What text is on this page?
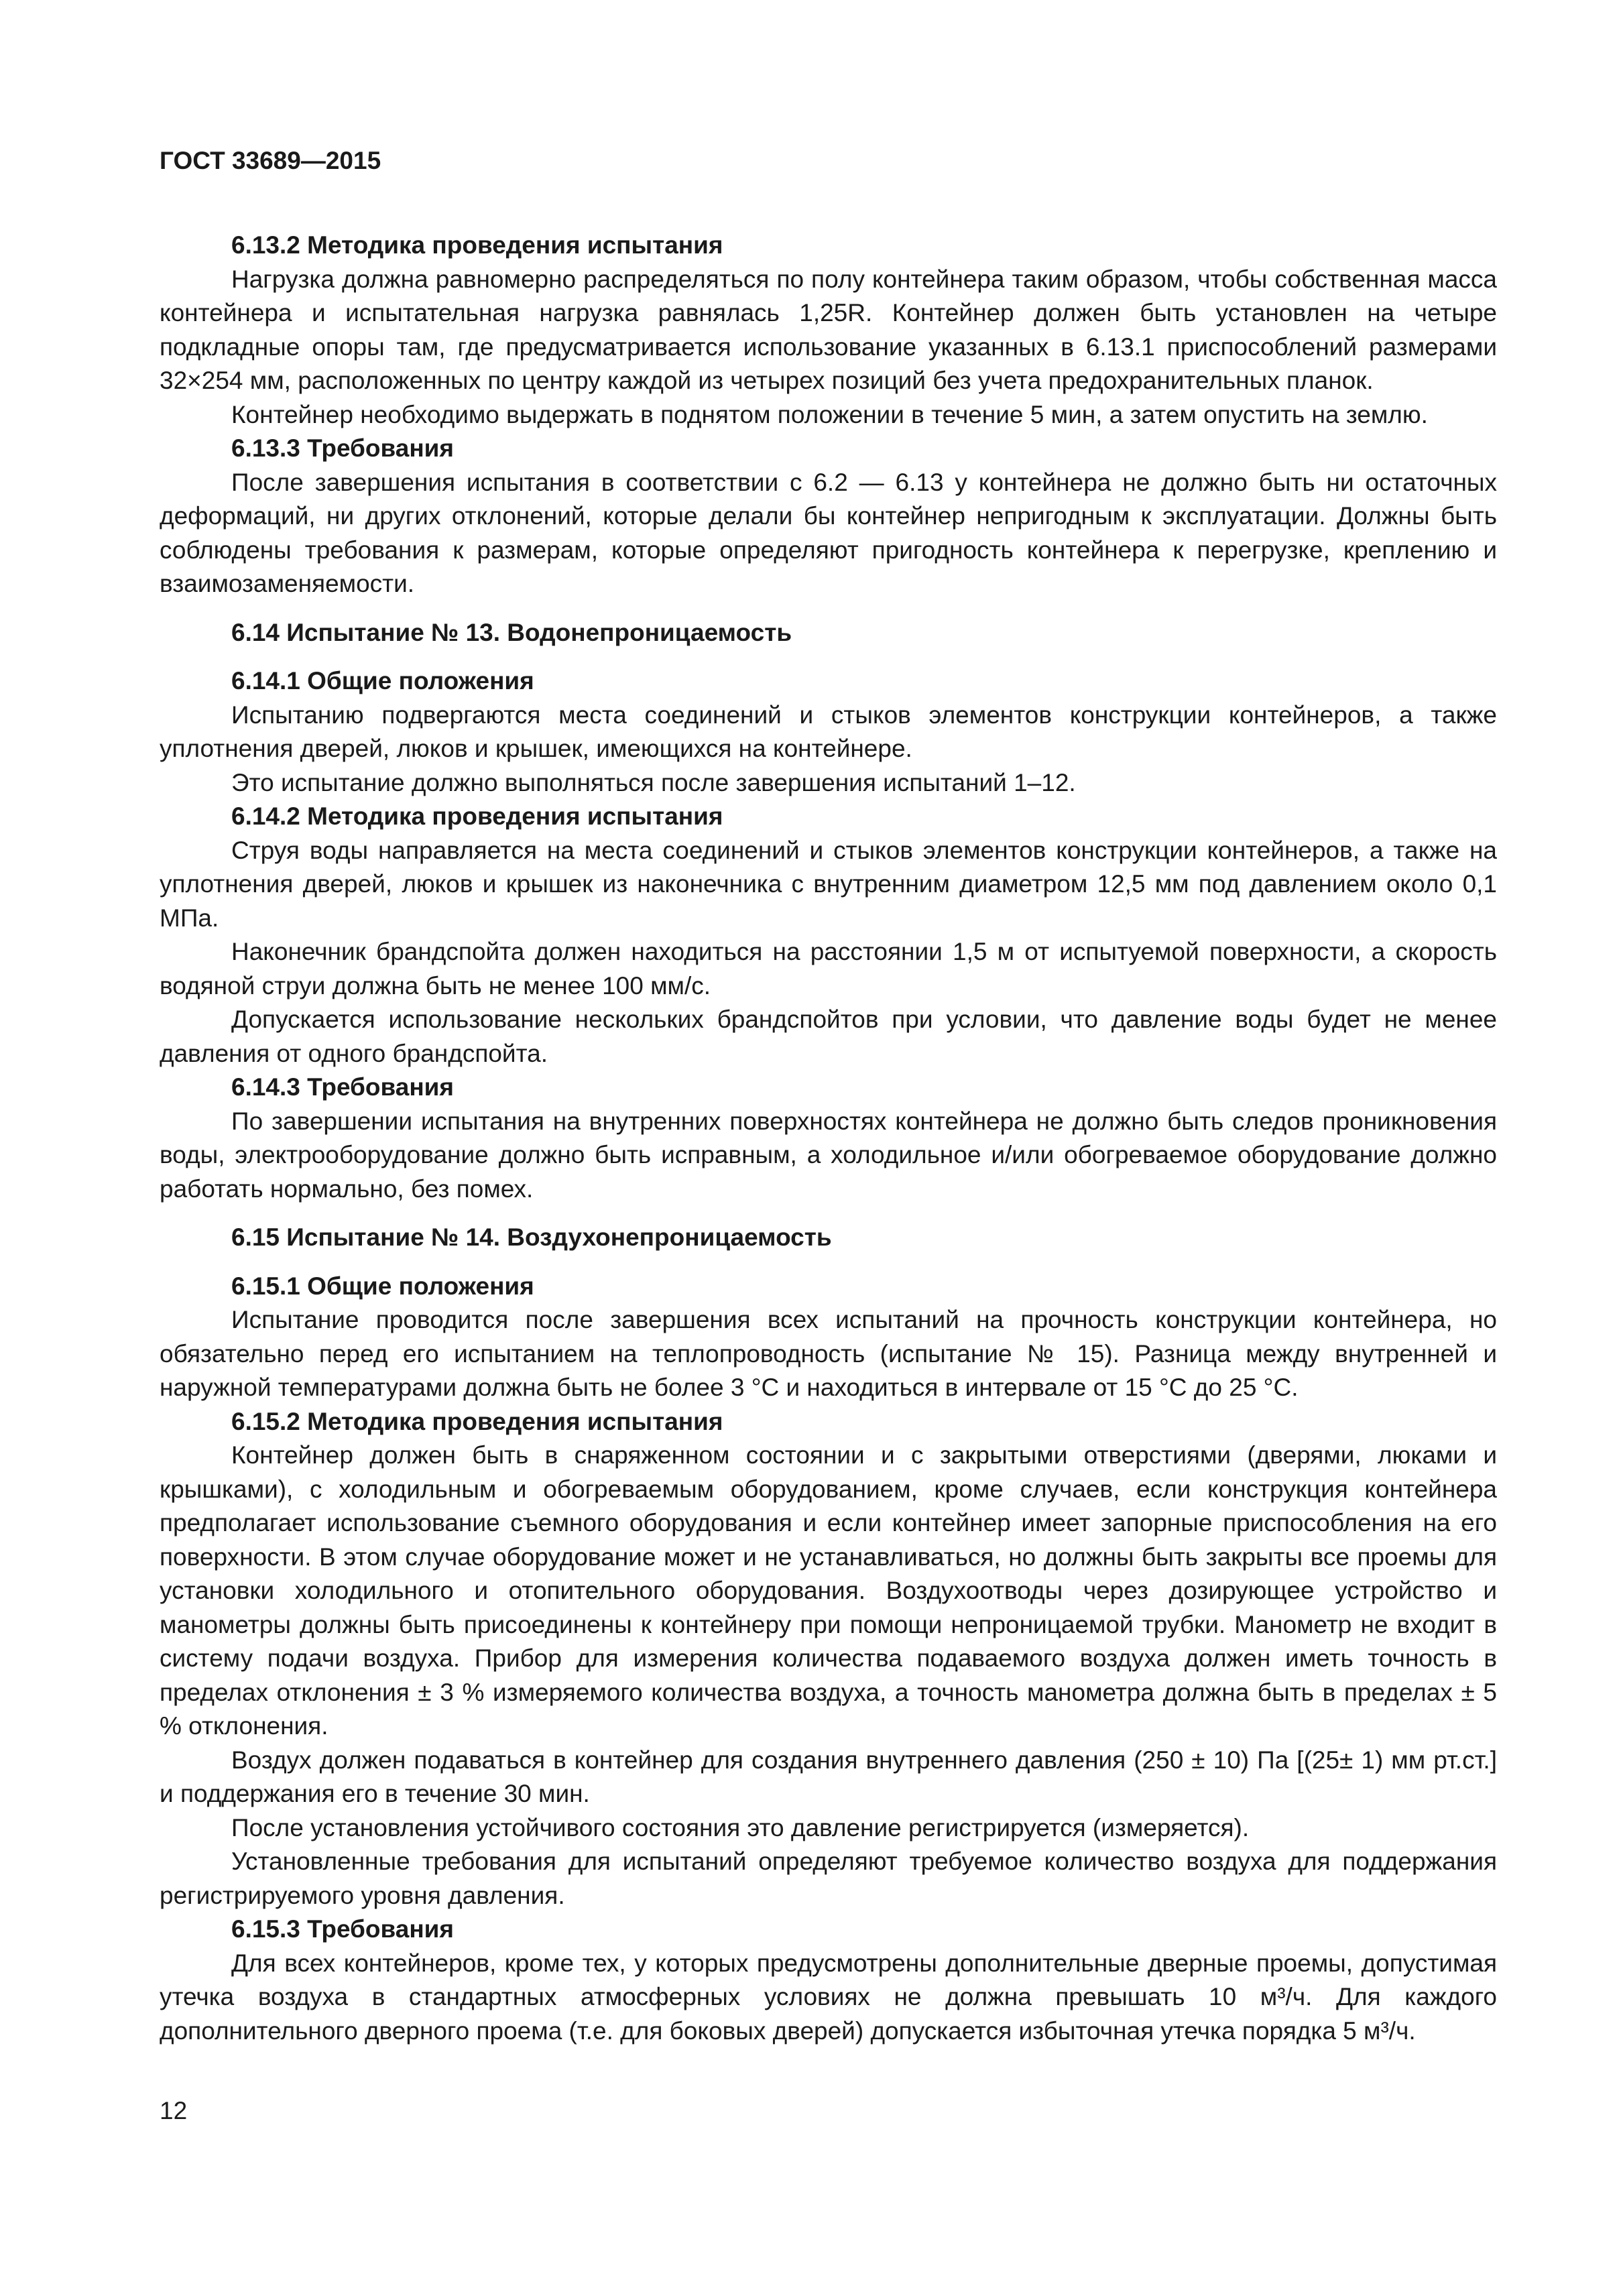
ГОСТ 33689—2015

6.13.2 Методика проведения испытания

Нагрузка должна равномерно распределяться по полу контейнера таким образом, чтобы собственная масса контейнера и испытательная нагрузка равнялась 1,25R. Контейнер должен быть установлен на четыре подкладные опоры там, где предусматривается использование указанных в 6.13.1 приспособлений размерами 32×254 мм, расположенных по центру каждой из четырех позиций без учета предохранительных планок.

Контейнер необходимо выдержать в поднятом положении в течение 5 мин, а затем опустить на землю.

6.13.3 Требования

После завершения испытания в соответствии с 6.2 — 6.13 у контейнера не должно быть ни остаточных деформаций, ни других отклонений, которые делали бы контейнер непригодным к эксплуатации. Должны быть соблюдены требования к размерам, которые определяют пригодность контейнера к перегрузке, креплению и взаимозаменяемости.

6.14 Испытание № 13. Водонепроницаемость

6.14.1 Общие положения

Испытанию подвергаются места соединений и стыков элементов конструкции контейнеров, а также уплотнения дверей, люков и крышек, имеющихся на контейнере.

Это испытание должно выполняться после завершения испытаний 1–12.

6.14.2 Методика проведения испытания

Струя воды направляется на места соединений и стыков элементов конструкции контейнеров, а также на уплотнения дверей, люков и крышек из наконечника с внутренним диаметром 12,5 мм под давлением около 0,1 МПа.

Наконечник брандспойта должен находиться на расстоянии 1,5 м от испытуемой поверхности, а скорость водяной струи должна быть не менее 100 мм/с.

Допускается использование нескольких брандспойтов при условии, что давление воды будет не менее давления от одного брандспойта.

6.14.3 Требования

По завершении испытания на внутренних поверхностях контейнера не должно быть следов проникновения воды, электрооборудование должно быть исправным, а холодильное и/или обогреваемое оборудование должно работать нормально, без помех.

6.15 Испытание № 14. Воздухонепроницаемость

6.15.1 Общие положения

Испытание проводится после завершения всех испытаний на прочность конструкции контейнера, но обязательно перед его испытанием на теплопроводность (испытание № 15). Разница между внутренней и наружной температурами должна быть не более 3 °С и находиться в интервале от 15 °С до 25 °С.

6.15.2 Методика проведения испытания

Контейнер должен быть в снаряженном состоянии и с закрытыми отверстиями (дверями, люками и крышками), с холодильным и обогреваемым оборудованием, кроме случаев, если конструкция контейнера предполагает использование съемного оборудования и если контейнер имеет запорные приспособления на его поверхности. В этом случае оборудование может и не устанавливаться, но должны быть закрыты все проемы для установки холодильного и отопительного оборудования. Воздухоотводы через дозирующее устройство и манометры должны быть присоединены к контейнеру при помощи непроницаемой трубки. Манометр не входит в систему подачи воздуха. Прибор для измерения количества подаваемого воздуха должен иметь точность в пределах отклонения ± 3 % измеряемого количества воздуха, а точность манометра должна быть в пределах ± 5 % отклонения.

Воздух должен подаваться в контейнер для создания внутреннего давления (250 ± 10) Па [(25± 1) мм рт.ст.] и поддержания его в течение 30 мин.

После установления устойчивого состояния это давление регистрируется (измеряется).

Установленные требования для испытаний определяют требуемое количество воздуха для поддержания регистрируемого уровня давления.

6.15.3 Требования

Для всех контейнеров, кроме тех, у которых предусмотрены дополнительные дверные проемы, допустимая утечка воздуха в стандартных атмосферных условиях не должна превышать 10 м³/ч. Для каждого дополнительного дверного проема (т.е. для боковых дверей) допускается избыточная утечка порядка 5 м³/ч.

12
